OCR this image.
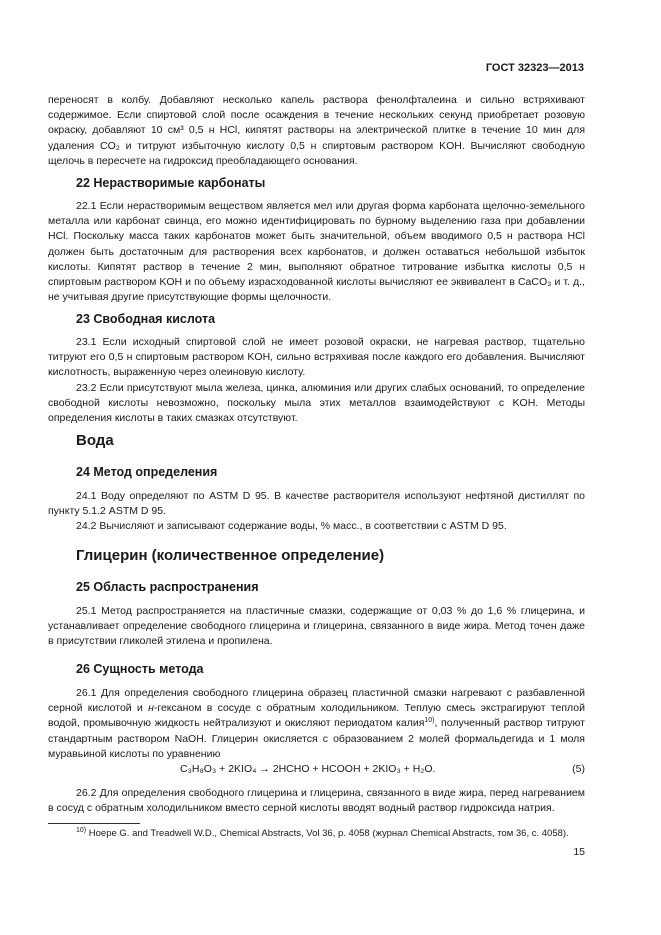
ГОСТ 32323—2013

переносят в колбу. Добавляют несколько капель раствора фенолфталеина и сильно встряхивают содержимое. Если спиртовой слой после осаждения в течение нескольких секунд приобретает розовую окраску, добавляют 10 см³ 0,5 н HCl, кипятят растворы на электрической плитке в течение 10 мин для удаления CO₂ и титруют избыточную кислоту 0,5 н спиртовым раствором KOH. Вычисляют свободную щелочь в пересчете на гидроксид преобладающего основания.

22 Нерастворимые карбонаты

22.1 Если нерастворимым веществом является мел или другая форма карбоната щелочно-земельного металла или карбонат свинца, его можно идентифицировать по бурному выделению газа при добавлении HCl. Поскольку масса таких карбонатов может быть значительной, объем вводимого 0,5 н раствора HCl должен быть достаточным для растворения всех карбонатов, и должен оставаться небольшой избыток кислоты. Кипятят раствор в течение 2 мин, выполняют обратное титрование избытка кислоты 0,5 н спиртовым раствором KOH и по объему израсходованной кислоты вычисляют ее эквивалент в CaCO₃ и т. д., не учитывая другие присутствующие формы щелочности.

23 Свободная кислота

23.1 Если исходный спиртовой слой не имеет розовой окраски, не нагревая раствор, тщательно титруют его 0,5 н спиртовым раствором KOH, сильно встряхивая после каждого его добавления. Вычисляют кислотность, выраженную через олеиновую кислоту.

23.2 Если присутствуют мыла железа, цинка, алюминия или других слабых оснований, то определение свободной кислоты невозможно, поскольку мыла этих металлов взаимодействуют с KOH. Методы определения кислоты в таких смазках отсутствуют.

Вода
24 Метод определения

24.1 Воду определяют по ASTM D 95. В качестве растворителя используют нефтяной дистиллят по пункту 5.1.2 ASTM D 95.

24.2 Вычисляют и записывают содержание воды, % масс., в соответствии с ASTM D 95.

Глицерин (количественное определение)
25 Область распространения

25.1 Метод распространяется на пластичные смазки, содержащие от 0,03 % до 1,6 % глицерина, и устанавливает определение свободного глицерина и глицерина, связанного в виде жира. Метод точен даже в присутствии гликолей этилена и пропилена.

26 Сущность метода

26.1 Для определения свободного глицерина образец пластичной смазки нагревают с разбавленной серной кислотой и н-гексаном в сосуде с обратным холодильником. Теплую смесь экстрагируют теплой водой, промывочную жидкость нейтрализуют и окисляют периодатом калия$^{10)}$, полученный раствор титруют стандартным раствором NaOH. Глицерин окисляется с образованием 2 молей формальдегида и 1 моля муравьиной кислоты по уравнению

C₃H₈O₃ + 2KIO₄ → 2HCHO + HCOOH + 2KIO₃ + H₂O.	(5)

26.2 Для определения свободного глицерина и глицерина, связанного в виде жира, перед нагреванием в сосуд с обратным холодильником вместо серной кислоты вводят водный раствор гидроксида натрия.

$^{10)}$ Hoepe G. and Treadwell W.D., Chemical Abstracts, Vol 36, p. 4058 (журнал Chemical Abstracts, том 36, c. 4058).
15
